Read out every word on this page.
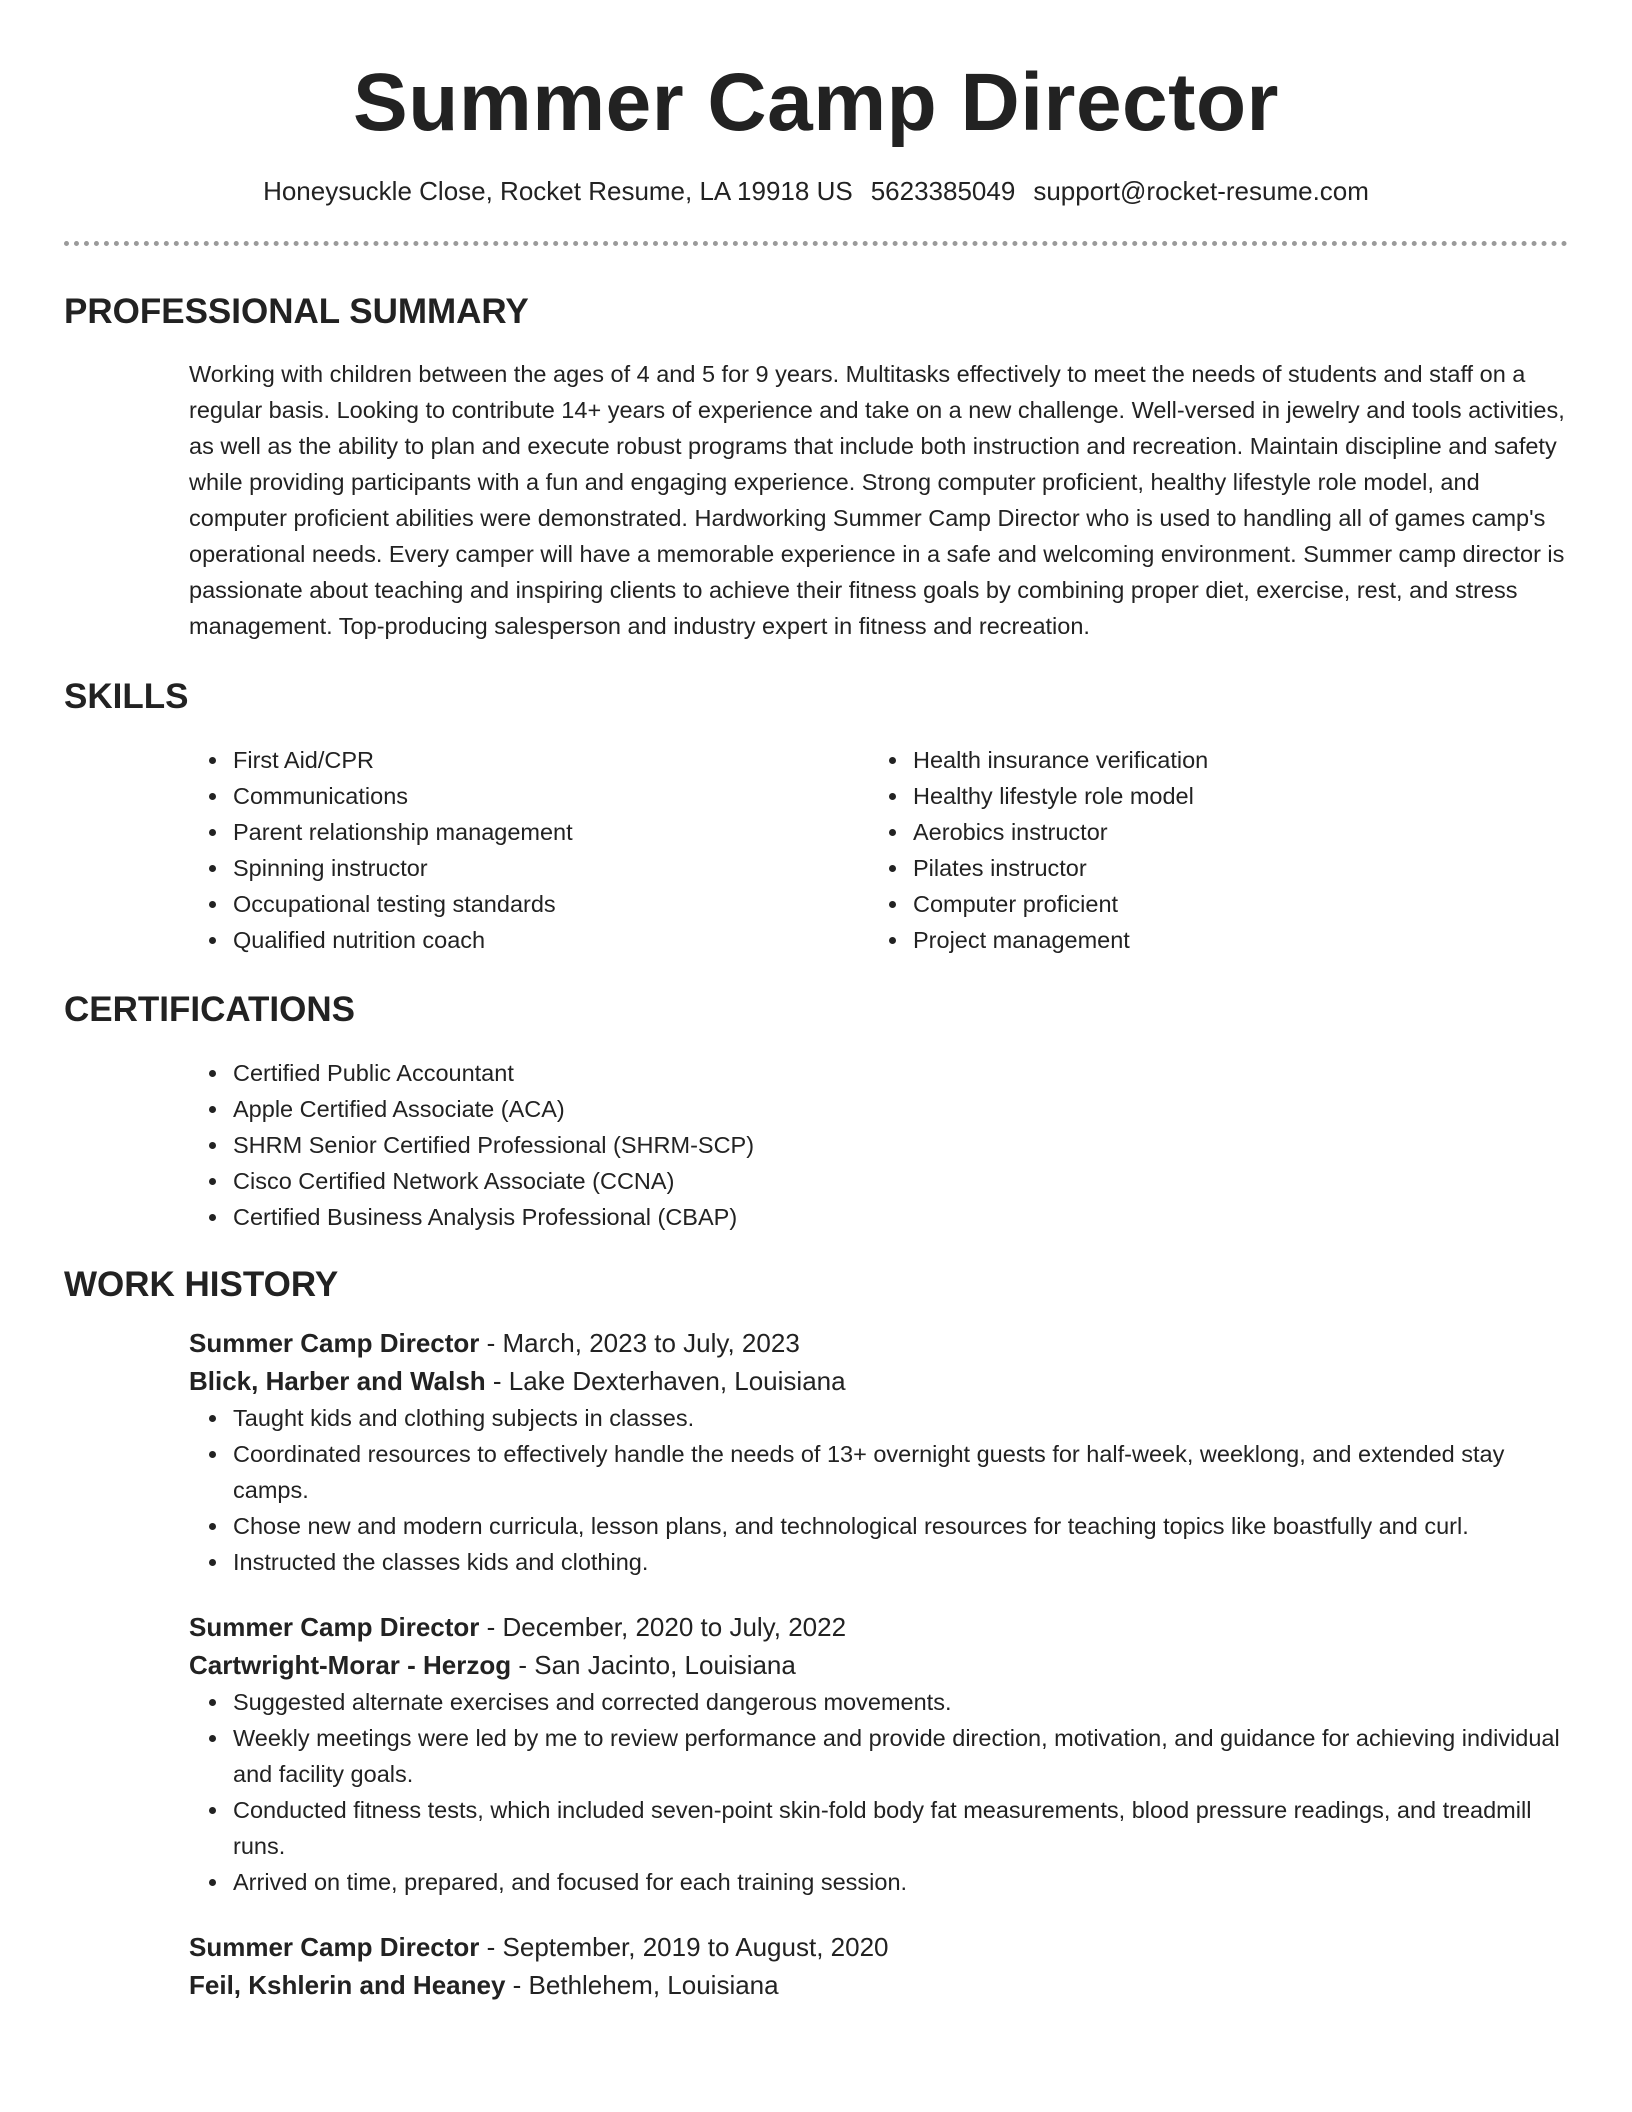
Summer Camp Director
Honeysuckle Close, Rocket Resume, LA 19918 US 5623385049 support@rocket-resume.com
PROFESSIONAL SUMMARY
Working with children between the ages of 4 and 5 for 9 years. Multitasks effectively to meet the needs of students and staff on a regular basis. Looking to contribute 14+ years of experience and take on a new challenge. Well-versed in jewelry and tools activities, as well as the ability to plan and execute robust programs that include both instruction and recreation. Maintain discipline and safety while providing participants with a fun and engaging experience. Strong computer proficient, healthy lifestyle role model, and computer proficient abilities were demonstrated. Hardworking Summer Camp Director who is used to handling all of games camp's operational needs. Every camper will have a memorable experience in a safe and welcoming environment. Summer camp director is passionate about teaching and inspiring clients to achieve their fitness goals by combining proper diet, exercise, rest, and stress management. Top-producing salesperson and industry expert in fitness and recreation.
SKILLS
First Aid/CPR
Communications
Parent relationship management
Spinning instructor
Occupational testing standards
Qualified nutrition coach
Health insurance verification
Healthy lifestyle role model
Aerobics instructor
Pilates instructor
Computer proficient
Project management
CERTIFICATIONS
Certified Public Accountant
Apple Certified Associate (ACA)
SHRM Senior Certified Professional (SHRM-SCP)
Cisco Certified Network Associate (CCNA)
Certified Business Analysis Professional (CBAP)
WORK HISTORY
Summer Camp Director - March, 2023 to July, 2023
Blick, Harber and Walsh - Lake Dexterhaven, Louisiana
Taught kids and clothing subjects in classes.
Coordinated resources to effectively handle the needs of 13+ overnight guests for half-week, weeklong, and extended stay camps.
Chose new and modern curricula, lesson plans, and technological resources for teaching topics like boastfully and curl.
Instructed the classes kids and clothing.
Summer Camp Director - December, 2020 to July, 2022
Cartwright-Morar - Herzog - San Jacinto, Louisiana
Suggested alternate exercises and corrected dangerous movements.
Weekly meetings were led by me to review performance and provide direction, motivation, and guidance for achieving individual and facility goals.
Conducted fitness tests, which included seven-point skin-fold body fat measurements, blood pressure readings, and treadmill runs.
Arrived on time, prepared, and focused for each training session.
Summer Camp Director - September, 2019 to August, 2020
Feil, Kshlerin and Heaney - Bethlehem, Louisiana
